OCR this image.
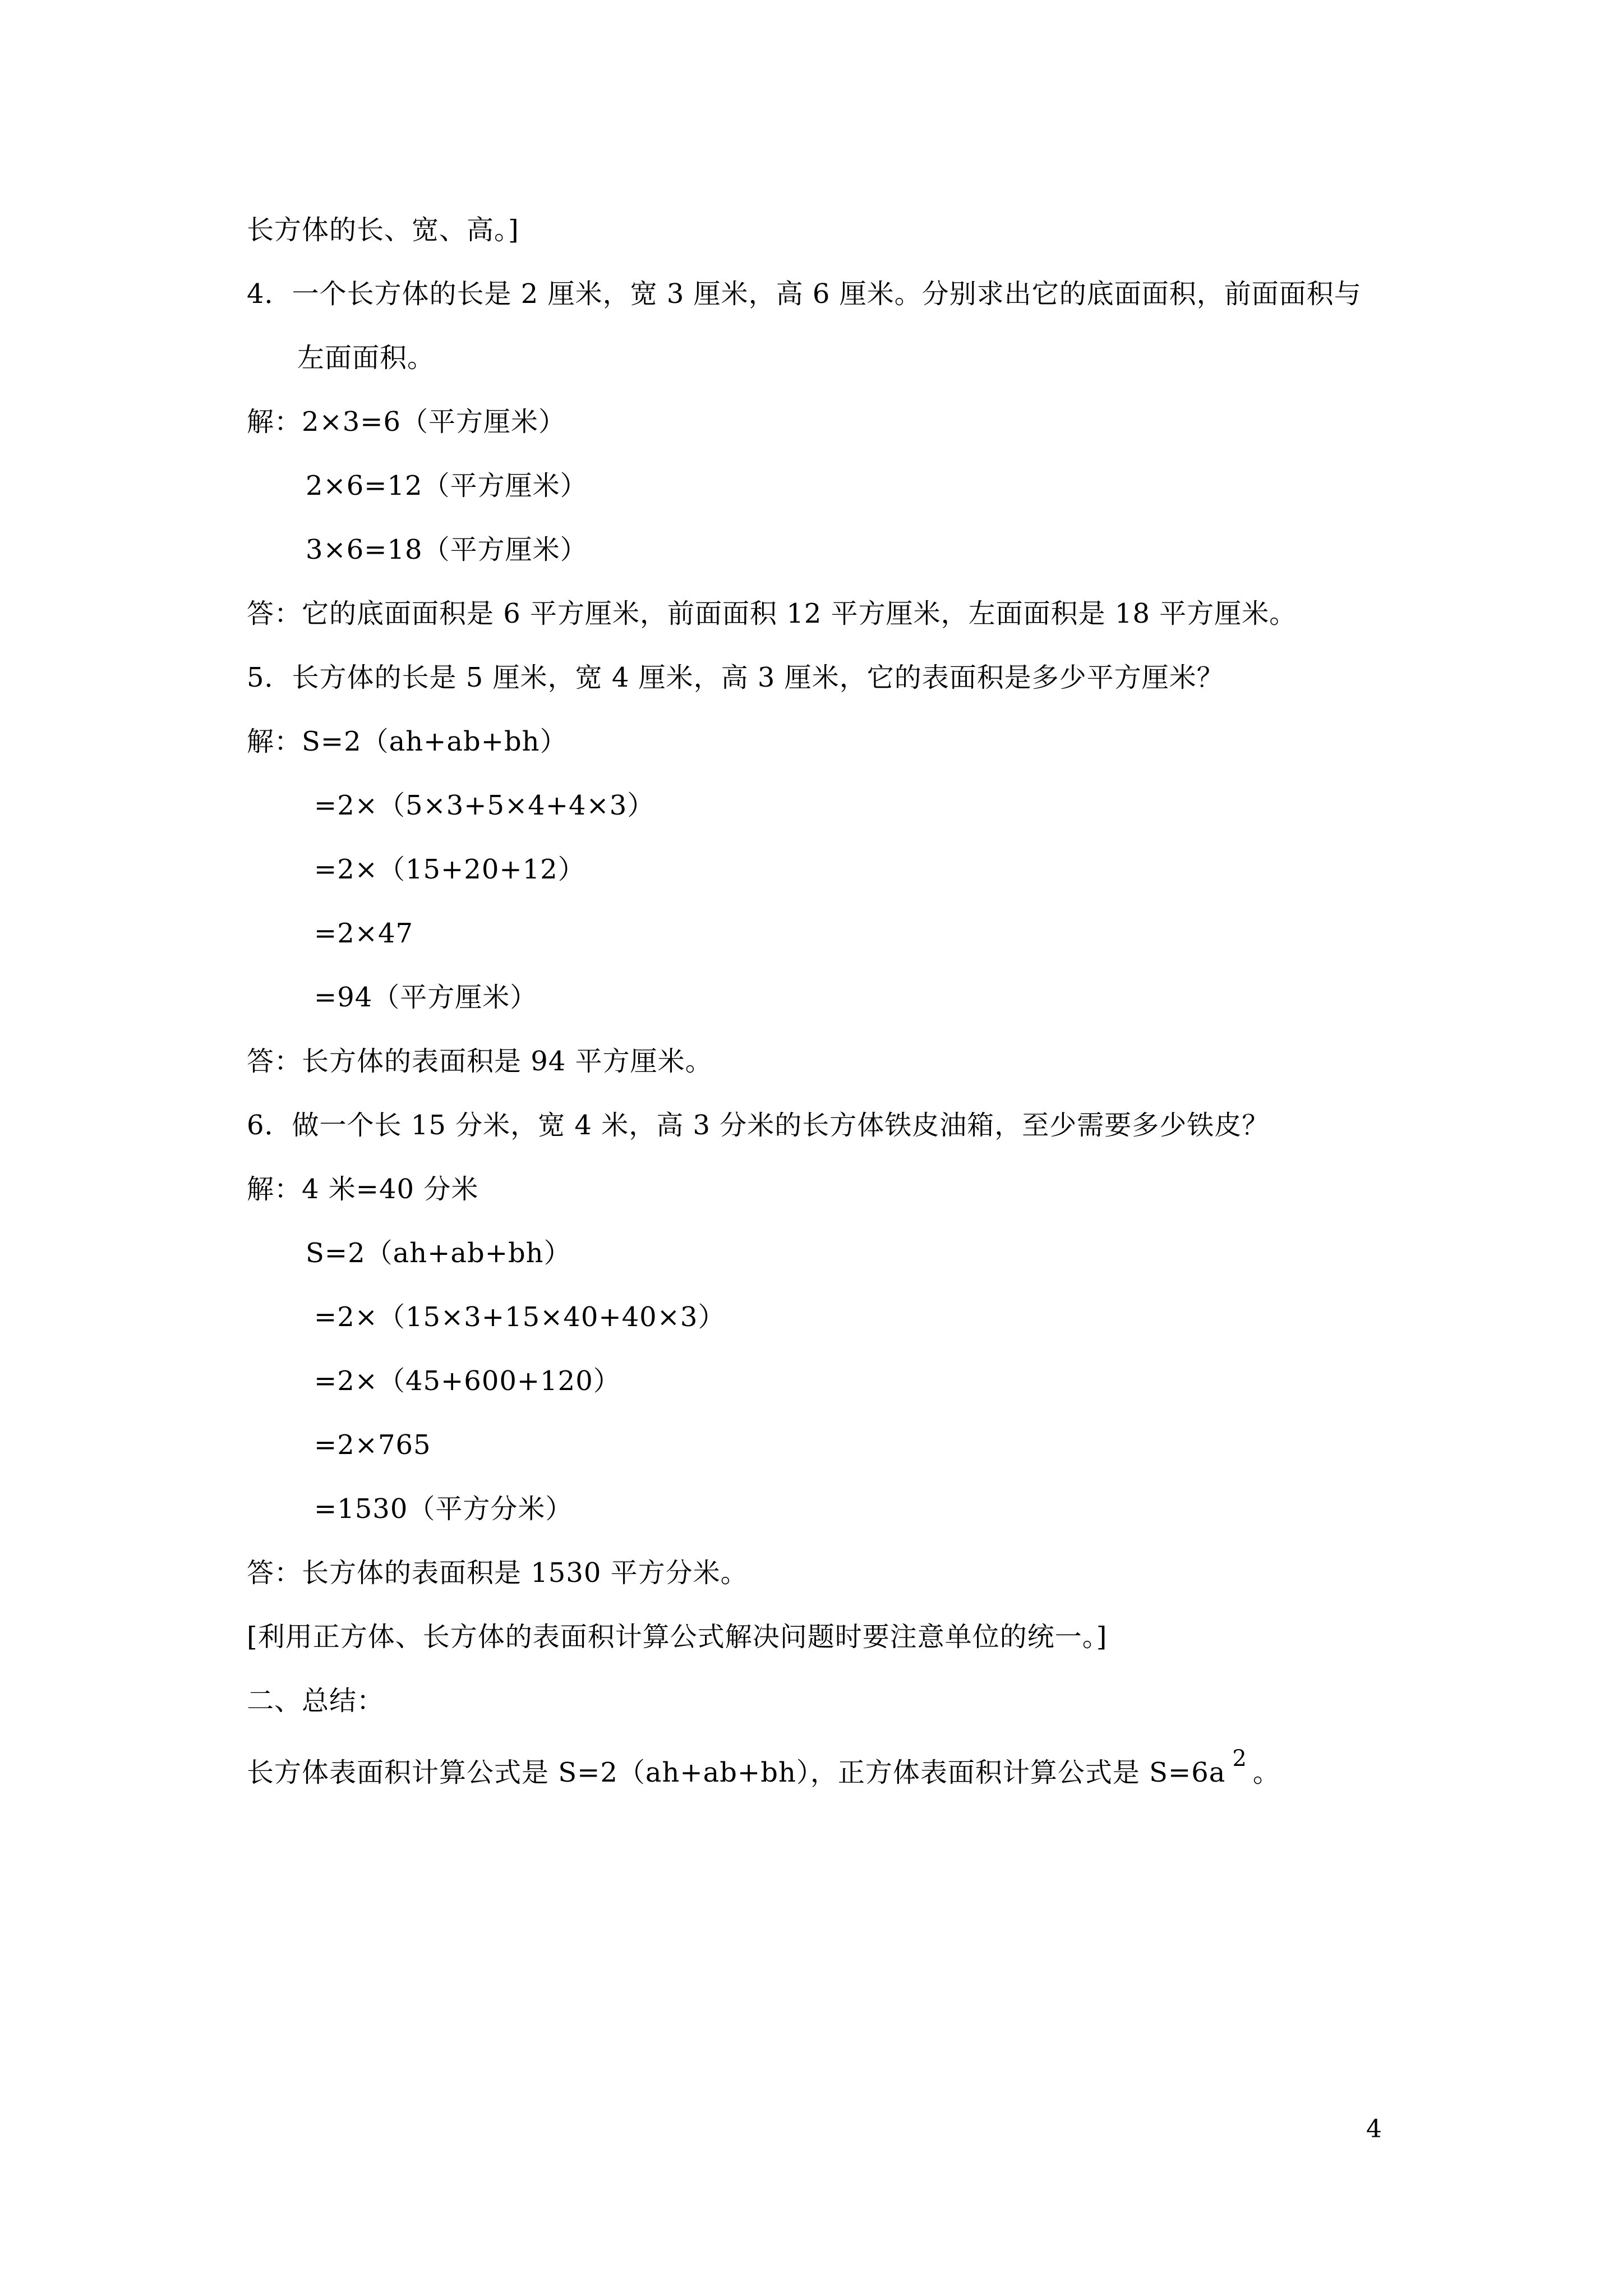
长方体的长、宽、高。]
4．一个长方体的长是 2 厘米，宽 3 厘米，高 6 厘米。分别求出它的底面面积，前面面积与
左面面积。
解：2×3=6（平方厘米）
2×6=12（平方厘米）
3×6=18（平方厘米）
答：它的底面面积是 6 平方厘米，前面面积 12 平方厘米，左面面积是 18 平方厘米。
5．长方体的长是 5 厘米，宽 4 厘米，高 3 厘米，它的表面积是多少平方厘米？
解：S=2（ah+ab+bh）
=2×（5×3+5×4+4×3）
=2×（15+20+12）
=2×47
=94（平方厘米）
答：长方体的表面积是 94 平方厘米。
6．做一个长 15 分米，宽 4 米，高 3 分米的长方体铁皮油箱，至少需要多少铁皮？
解：4 米=40 分米
S=2（ah+ab+bh）
=2×（15×3+15×40+40×3）
=2×（45+600+120）
=2×765
=1530（平方分米）
答：长方体的表面积是 1530 平方分米。
[利用正方体、长方体的表面积计算公式解决问题时要注意单位的统一。]
二、总结：
长方体表面积计算公式是 S=2（ah+ab+bh），正方体表面积计算公式是 S=6a $^2$ 。
4
